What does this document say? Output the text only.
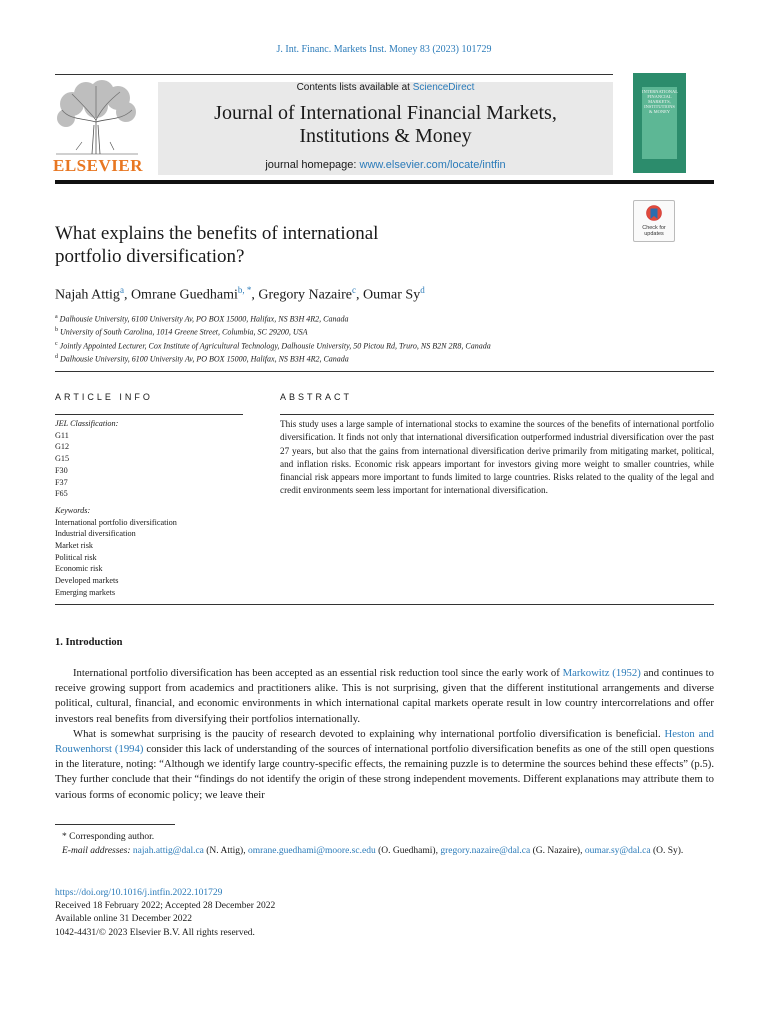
J. Int. Financ. Markets Inst. Money 83 (2023) 101729
ELSEVIER
Contents lists available at ScienceDirect
Journal of International Financial Markets,
Institutions & Money
journal homepage: www.elsevier.com/locate/intfin
INTERNATIONAL FINANCIAL MARKETS, INSTITUTIONS & MONEY
Check for
updates
What explains the benefits of international
portfolio diversification?
Najah Attig$^a$, Omrane Guedhami$^{b, *}$, Gregory Nazaire$^c$, Oumar Sy$^d$
$^a$ Dalhousie University, 6100 University Av, PO BOX 15000, Halifax, NS B3H 4R2, Canada
$^b$ University of South Carolina, 1014 Greene Street, Columbia, SC 29200, USA
$^c$ Jointly Appointed Lecturer, Cox Institute of Agricultural Technology, Dalhousie University, 50 Pictou Rd, Truro, NS B2N 2R8, Canada
$^d$ Dalhousie University, 6100 University Av, PO BOX 15000, Halifax, NS B3H 4R2, Canada
ARTICLE INFO	ABSTRACT
JEL Classification:
G11
G12
G15
F30
F37
F65
Keywords:
International portfolio diversification
Industrial diversification
Market risk
Political risk
Economic risk
Developed markets
Emerging markets
This study uses a large sample of international stocks to examine the sources of the benefits of international portfolio diversification. It finds not only that international diversification outperformed industrial diversification over the past 27 years, but also that the gains from international diversification derive primarily from mitigating market, political, and inflation risks. Economic risk appears important for investors giving more weight to smaller countries, while financial risk appears more important to funds limited to large countries. Risks related to the quality of the legal and credit environments seem less important for international diversification.
1. Introduction

International portfolio diversification has been accepted as an essential risk reduction tool since the early work of Markowitz (1952) and continues to receive growing support from academics and practitioners alike. This is not surprising, given that the different institutional arrangements and diverse political, cultural, financial, and economic environments in which international capital markets operate result in low country intercorrelations and offer investors real benefits from diversifying their portfolios internationally.

What is somewhat surprising is the paucity of research devoted to explaining why international portfolio diversification is beneficial. Heston and Rouwenhorst (1994) consider this lack of understanding of the sources of international portfolio diversification benefits as one of the still open questions in the literature, noting: “Although we identify large country-specific effects, the remaining puzzle is to determine the sources behind these effects” (p.5). They further conclude that their “findings do not identify the origin of these strong independent movements. Different explanations may attribute them to various forms of economic policy; we leave their

* Corresponding author.
E-mail addresses: najah.attig@dal.ca (N. Attig), omrane.guedhami@moore.sc.edu (O. Guedhami), gregory.nazaire@dal.ca (G. Nazaire), oumar.sy@dal.ca (O. Sy).
https://doi.org/10.1016/j.intfin.2022.101729
Received 18 February 2022; Accepted 28 December 2022
Available online 31 December 2022
1042-4431/© 2023 Elsevier B.V. All rights reserved.
